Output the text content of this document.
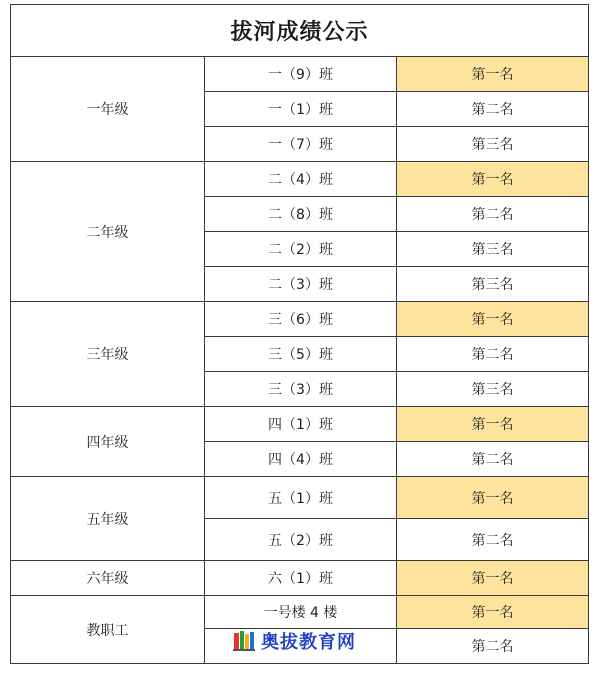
拔河成绩公示		
一年级	一（9）班	第一名
	一（1）班	第二名
	一（7）班	第三名
二年级	二（4）班	第一名
	二（8）班	第二名
	二（2）班	第三名
	二（3）班	第三名
三年级	三（6）班	第一名
	三（5）班	第二名
	三（3）班	第三名
四年级	四（1）班	第一名
	四（4）班	第二名
五年级	五（1）班	第一名
	五（2）班	第二名
六年级	六（1）班	第一名
教职工	一号楼 4 楼	第一名
		第二名
奥拔教育网
